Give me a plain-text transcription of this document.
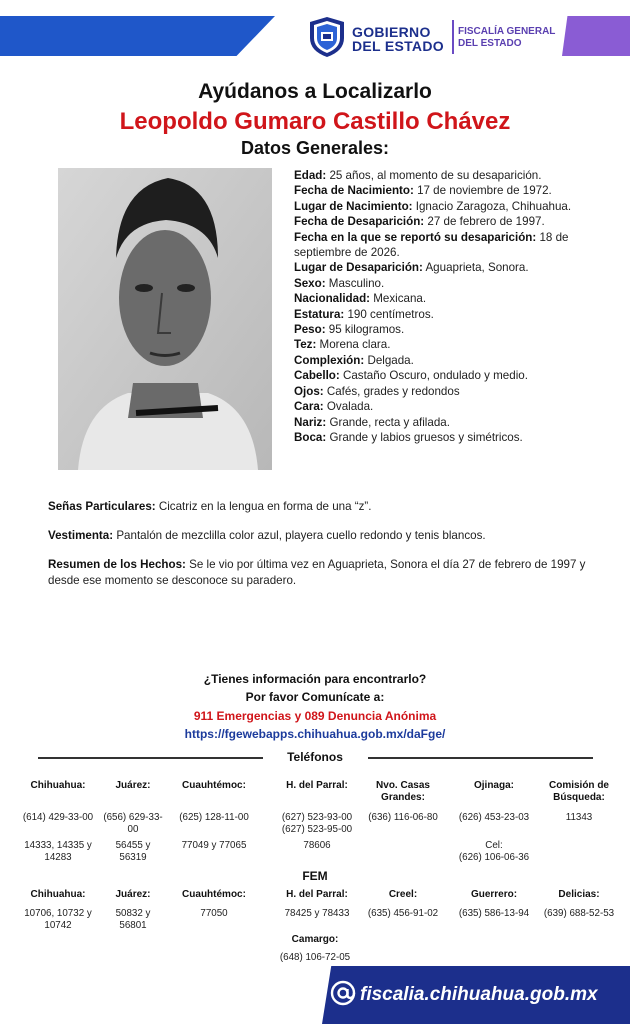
GOBIERNO
DEL ESTADO
FISCALÍA GENERAL
DEL ESTADO
Ayúdanos a Localizarlo
Leopoldo Gumaro Castillo Chávez
Datos Generales:
Edad: 25 años, al momento de su desaparición.
Fecha de Nacimiento: 17 de noviembre de 1972.
Lugar de Nacimiento: Ignacio Zaragoza, Chihuahua.
Fecha de Desaparición: 27 de febrero de 1997.
Fecha en la que se reportó su desaparición: 18 de septiembre de 2026.
Lugar de Desaparición: Aguaprieta, Sonora.
Sexo: Masculino.
Nacionalidad: Mexicana.
Estatura: 190 centímetros.
Peso: 95 kilogramos.
Tez: Morena clara.
Complexión: Delgada.
Cabello: Castaño Oscuro, ondulado y medio.
Ojos: Cafés, grades y redondos
Cara: Ovalada.
Nariz: Grande, recta y afilada.
Boca: Grande y labios gruesos y simétricos.
Señas Particulares: Cicatriz en la lengua en forma de una “z”.
Vestimenta: Pantalón de mezclilla color azul, playera cuello redondo y tenis blancos.
Resumen de los Hechos: Se le vio por última vez en Aguaprieta, Sonora el día 27 de febrero de 1997 y desde ese momento se desconoce su paradero.
¿Tienes información para encontrarlo?
Por favor Comunícate a:
911 Emergencias y 089 Denuncia Anónima
https://fgewebapps.chihuahua.gob.mx/daFge/
Teléfonos
Chihuahua:
(614) 429-33-00
14333, 14335 y
14283
Juárez:
(656) 629-33-00
56455 y 56319
Cuauhtémoc:
(625) 128-11-00
77049 y 77065
H. del Parral:
(627) 523-93-00
(627) 523-95-00
78606
Nvo. Casas
Grandes:
(636) 116-06-80
Ojinaga:
(626) 453-23-03
Cel:
(626) 106-06-36
Comisión de
Búsqueda:
11343
FEM
Chihuahua:
10706, 10732 y
10742
Juárez:
50832 y 56801
Cuauhtémoc:
77050
H. del Parral:
78425 y 78433
Creel:
(635) 456-91-02
Guerrero:
(635) 586-13-94
Delicias:
(639) 688-52-53
Camargo:
(648) 106-72-05
fiscalia.chihuahua.gob.mx
